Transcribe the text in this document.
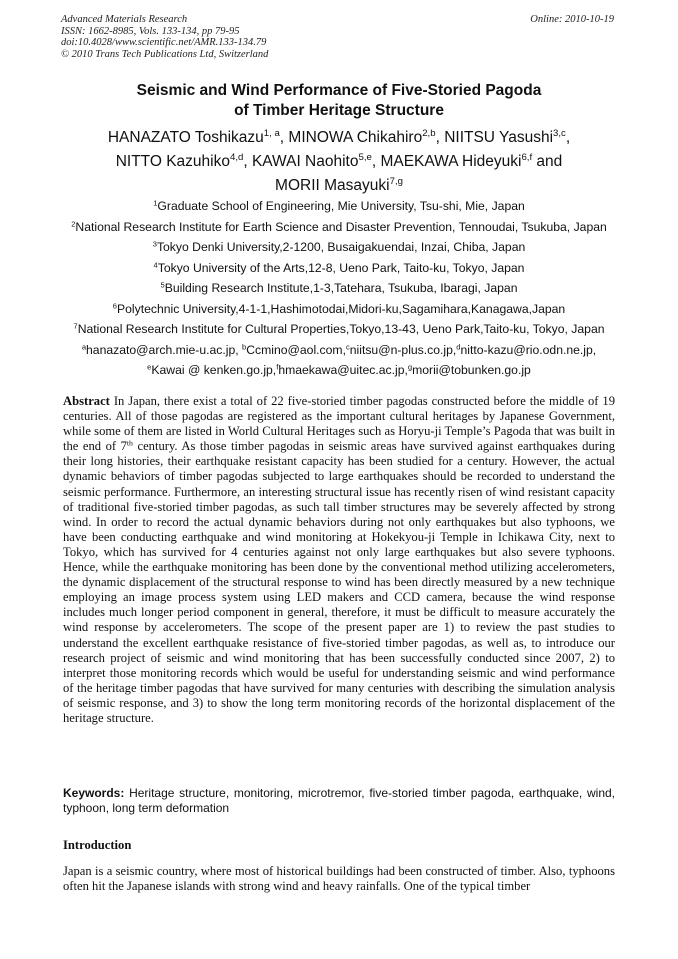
Advanced Materials Research
ISSN: 1662-8985, Vols. 133-134, pp 79-95
doi:10.4028/www.scientific.net/AMR.133-134.79
© 2010 Trans Tech Publications Ltd, Switzerland
Online: 2010-10-19
Seismic and Wind Performance of Five-Storied Pagoda
of Timber Heritage Structure
HANAZATO Toshikazu$^{1, a}$, MINOWA Chikahiro$^{2,b}$, NIITSU Yasushi$^{3,c}$,
NITTO Kazuhiko$^{4,d}$, KAWAI Naohito$^{5,e}$, MAEKAWA Hideyuki$^{6,f}$ and
MORII Masayuki$^{7,g}$
$^1$Graduate School of Engineering, Mie University, Tsu-shi, Mie, Japan
$^2$National Research Institute for Earth Science and Disaster Prevention, Tennoudai, Tsukuba, Japan
$^3$Tokyo Denki University,2-1200, Busaigakuendai, Inzai, Chiba, Japan
$^4$Tokyo University of the Arts,12-8, Ueno Park, Taito-ku, Tokyo, Japan
$^5$Building Research Institute,1-3,Tatehara, Tsukuba, Ibaragi, Japan
$^6$Polytechnic University,4-1-1,Hashimotodai,Midori-ku,Sagamihara,Kanagawa,Japan
$^7$National Research Institute for Cultural Properties,Tokyo,13-43, Ueno Park,Taito-ku, Tokyo, Japan
$^a$hanazato@arch.mie-u.ac.jp, $^b$Ccmino@aol.com,$^c$niitsu@n-plus.co.jp,$^d$nitto-kazu@rio.odn.ne.jp,
$^e$Kawai @ kenken.go.jp,$^f$hmaekawa@uitec.ac.jp,$^g$morii@tobunken.go.jp
Abstract In Japan, there exist a total of 22 five-storied timber pagodas constructed before the middle of 19 centuries. All of those pagodas are registered as the important cultural heritages by Japanese Government, while some of them are listed in World Cultural Heritages such as Horyu-ji Temple’s Pagoda that was built in the end of 7th century. As those timber pagodas in seismic areas have survived against earthquakes during their long histories, their earthquake resistant capacity has been studied for a century. However, the actual dynamic behaviors of timber pagodas subjected to large earthquakes should be recorded to understand the seismic performance. Furthermore, an interesting structural issue has recently risen of wind resistant capacity of traditional five-storied timber pagodas, as such tall timber structures may be severely affected by strong wind. In order to record the actual dynamic behaviors during not only earthquakes but also typhoons, we have been conducting earthquake and wind monitoring at Hokekyou-ji Temple in Ichikawa City, next to Tokyo, which has survived for 4 centuries against not only large earthquakes but also severe typhoons. Hence, while the earthquake monitoring has been done by the conventional method utilizing accelerometers, the dynamic displacement of the structural response to wind has been directly measured by a new technique employing an image process system using LED makers and CCD camera, because the wind response includes much longer period component in general, therefore, it must be difficult to measure accurately the wind response by accelerometers. The scope of the present paper are 1) to review the past studies to understand the excellent earthquake resistance of five-storied timber pagodas, as well as, to introduce our research project of seismic and wind monitoring that has been successfully conducted since 2007, 2) to interpret those monitoring records which would be useful for understanding seismic and wind performance of the heritage timber pagodas that have survived for many centuries with describing the simulation analysis of seismic response, and 3) to show the long term monitoring records of the horizontal displacement of the heritage structure.
Keywords: Heritage structure, monitoring, microtremor, five-storied timber pagoda, earthquake, wind, typhoon, long term deformation
Introduction
Japan is a seismic country, where most of historical buildings had been constructed of timber. Also, typhoons often hit the Japanese islands with strong wind and heavy rainfalls. One of the typical timber
